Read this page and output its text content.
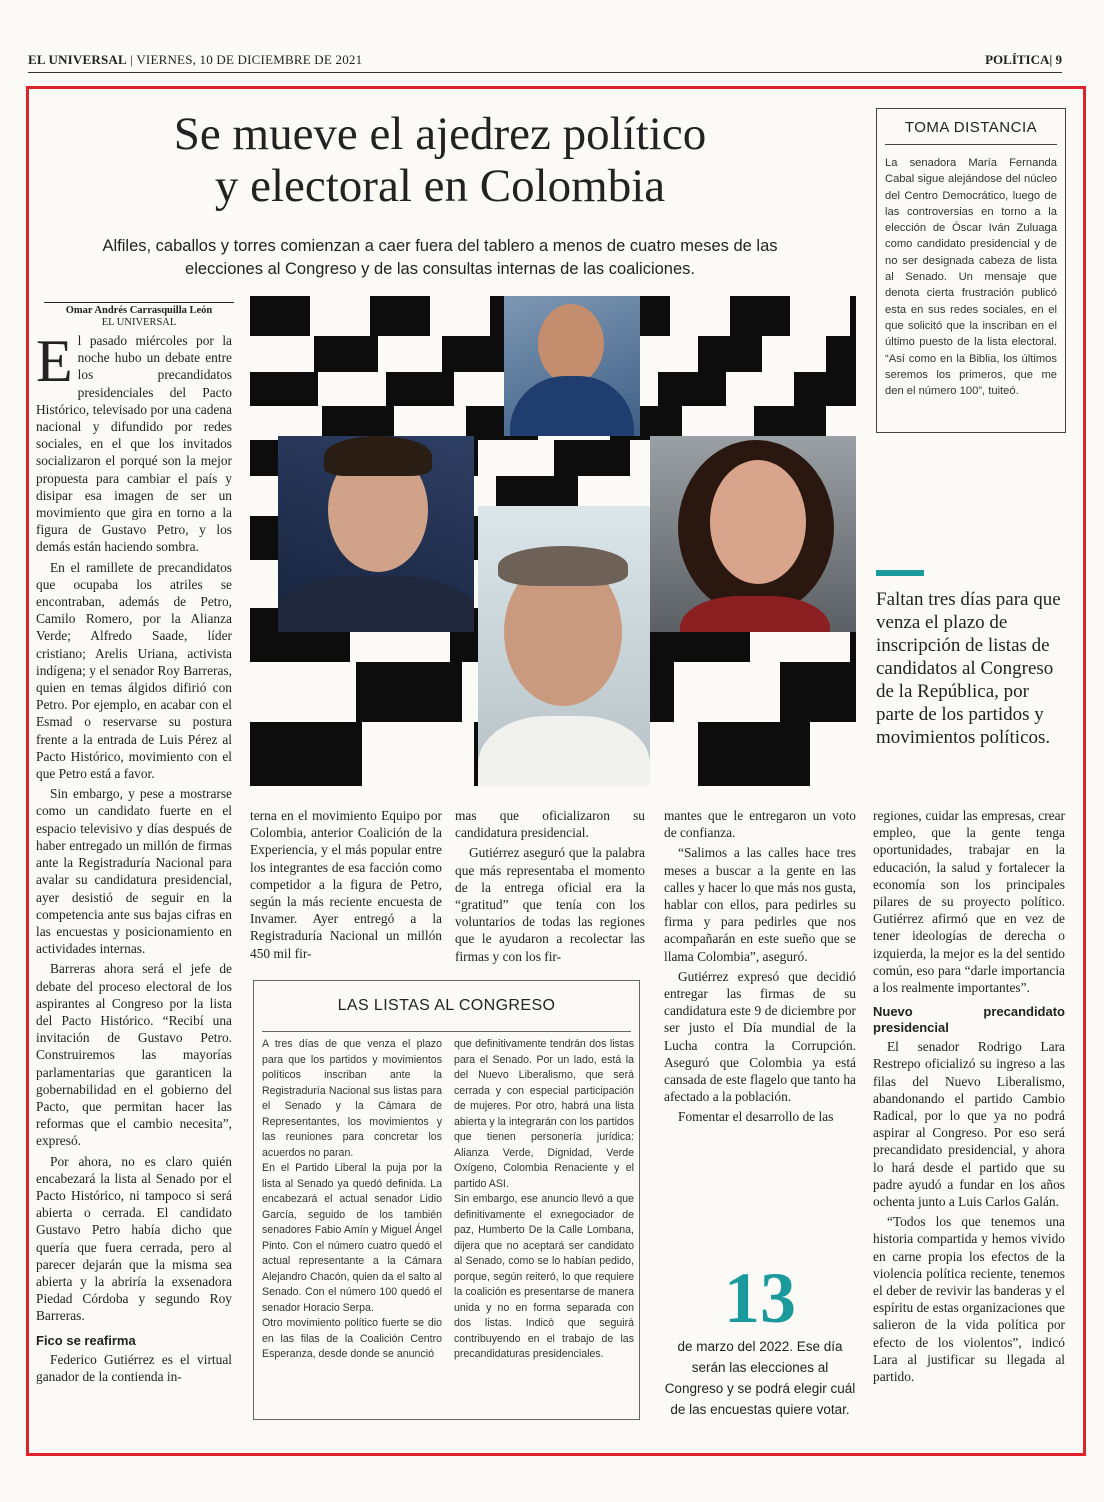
EL UNIVERSAL | VIERNES, 10 DE DICIEMBRE DE 2021	POLÍTICA| 9
Se mueve el ajedrez político
y electoral en Colombia
Alfiles, caballos y torres comienzan a caer fuera del tablero a menos de cuatro meses de las elecciones al Congreso y de las consultas internas de las coaliciones.
Omar Andrés Carrasquilla León
EL UNIVERSAL

El pasado miércoles por la noche hubo un debate entre los precandidatos presidenciales del Pacto Histórico, televisado por una cadena nacional y difundido por redes sociales, en el que los invitados socializaron el porqué son la mejor propuesta para cambiar el país y disipar esa imagen de ser un movimiento que gira en torno a la figura de Gustavo Petro, y los demás están haciendo sombra.

En el ramillete de precandidatos que ocupaba los atriles se encontraban, además de Petro, Camilo Romero, por la Alianza Verde; Alfredo Saade, líder cristiano; Arelis Uriana, activista indígena; y el senador Roy Barreras, quien en temas álgidos difirió con Petro. Por ejemplo, en acabar con el Esmad o reservarse su postura frente a la entrada de Luis Pérez al Pacto Histórico, movimiento con el que Petro está a favor.

Sin embargo, y pese a mostrarse como un candidato fuerte en el espacio televisivo y días después de haber entregado un millón de firmas ante la Registraduría Nacional para avalar su candidatura presidencial, ayer desistió de seguir en la competencia ante sus bajas cifras en las encuestas y posicionamiento en actividades internas.

Barreras ahora será el jefe de debate del proceso electoral de los aspirantes al Congreso por la lista del Pacto Histórico. “Recibí una invitación de Gustavo Petro. Construiremos las mayorías parlamentarias que garanticen la gobernabilidad en el gobierno del Pacto, que permitan hacer las reformas que el cambio necesita”, expresó.

Por ahora, no es claro quién encabezará la lista al Senado por el Pacto Histórico, ni tampoco si será abierta o cerrada. El candidato Gustavo Petro había dicho que quería que fuera cerrada, pero al parecer dejarán que la misma sea abierta y la abriría la exsenadora Piedad Córdoba y segundo Roy Barreras.

Fico se reafirma

Federico Gutiérrez es el virtual ganador de la contienda in-

terna en el movimiento Equipo por Colombia, anterior Coalición de la Experiencia, y el más popular entre los integrantes de esa facción como competidor a la figura de Petro, según la más reciente encuesta de Invamer. Ayer entregó a la Registraduría Nacional un millón 450 mil fir-

mas que oficializaron su candidatura presidencial.

Gutiérrez aseguró que la palabra que más representaba el momento de la entrega oficial era la “gratitud” que tenía con los voluntarios de todas las regiones que le ayudaron a recolectar las firmas y con los fir-

mantes que le entregaron un voto de confianza.

“Salimos a las calles hace tres meses a buscar a la gente en las calles y hacer lo que más nos gusta, hablar con ellos, para pedirles su firma y para pedirles que nos acompañarán en este sueño que se llama Colombia”, aseguró.

Gutiérrez expresó que decidió entregar las firmas de su candidatura este 9 de diciembre por ser justo el Día mundial de la Lucha contra la Corrupción. Aseguró que Colombia ya está cansada de este flagelo que tanto ha afectado a la población.

Fomentar el desarrollo de las

regiones, cuidar las empresas, crear empleo, que la gente tenga oportunidades, trabajar en la educación, la salud y fortalecer la economía son los principales pilares de su proyecto político. Gutiérrez afirmó que en vez de tener ideologías de derecha o izquierda, la mejor es la del sentido común, eso para “darle importancia a los realmente importantes”.

Nuevo precandidato presidencial

El senador Rodrigo Lara Restrepo oficializó su ingreso a las filas del Nuevo Liberalismo, abandonando el partido Cambio Radical, por lo que ya no podrá aspirar al Congreso. Por eso será precandidato presidencial, y ahora lo hará desde el partido que su padre ayudó a fundar en los años ochenta junto a Luis Carlos Galán.

“Todos los que tenemos una historia compartida y hemos vivido en carne propia los efectos de la violencia política reciente, tenemos el deber de revivir las banderas y el espíritu de estas organizaciones que salieron de la vida política por efecto de los violentos”, indicó Lara al justificar su llegada al partido.

TOMA DISTANCIA

La senadora María Fernanda Cabal sigue alejándose del núcleo del Centro Democrático, luego de las controversias en torno a la elección de Óscar Iván Zuluaga como candidato presidencial y de no ser designada cabeza de lista al Senado. Un mensaje que denota cierta frustración publicó esta en sus redes sociales, en el que solicitó que la inscriban en el último puesto de la lista electoral. “Así como en la Biblia, los últimos seremos los primeros, que me den el número 100”, tuiteó.

Faltan tres días para que venza el plazo de inscripción de listas de candidatos al Congreso de la República, por parte de los partidos y movimientos políticos.
LAS LISTAS AL CONGRESO

A tres días de que venza el plazo para que los partidos y movimientos políticos inscriban ante la Registraduría Nacional sus listas para el Senado y la Cámara de Representantes, los movimientos y las reuniones para concretar los acuerdos no paran.

En el Partido Liberal la puja por la lista al Senado ya quedó definida. La encabezará el actual senador Lidio García, seguido de los también senadores Fabio Amín y Miguel Ángel Pinto. Con el número cuatro quedó el actual representante a la Cámara Alejandro Chacón, quien da el salto al Senado. Con el número 100 quedó el senador Horacio Serpa.

Otro movimiento político fuerte se dio en las filas de la Coalición Centro Esperanza, desde donde se anunció

que definitivamente tendrán dos listas para el Senado. Por un lado, está la del Nuevo Liberalismo, que será cerrada y con especial participación de mujeres. Por otro, habrá una lista abierta y la integrarán con los partidos que tienen personería jurídica: Alianza Verde, Dignidad, Verde Oxígeno, Colombia Renaciente y el partido ASI.

Sin embargo, ese anuncio llevó a que definitivamente el exnegociador de paz, Humberto De la Calle Lombana, dijera que no aceptará ser candidato al Senado, como se lo habían pedido, porque, según reiteró, lo que requiere la coalición es presentarse de manera unida y no en forma separada con dos listas. Indicó que seguirá contribuyendo en el trabajo de las precandidaturas presidenciales.

13
de marzo del 2022. Ese día serán las elecciones al Congreso y se podrá elegir cuál de las encuestas quiere votar.
